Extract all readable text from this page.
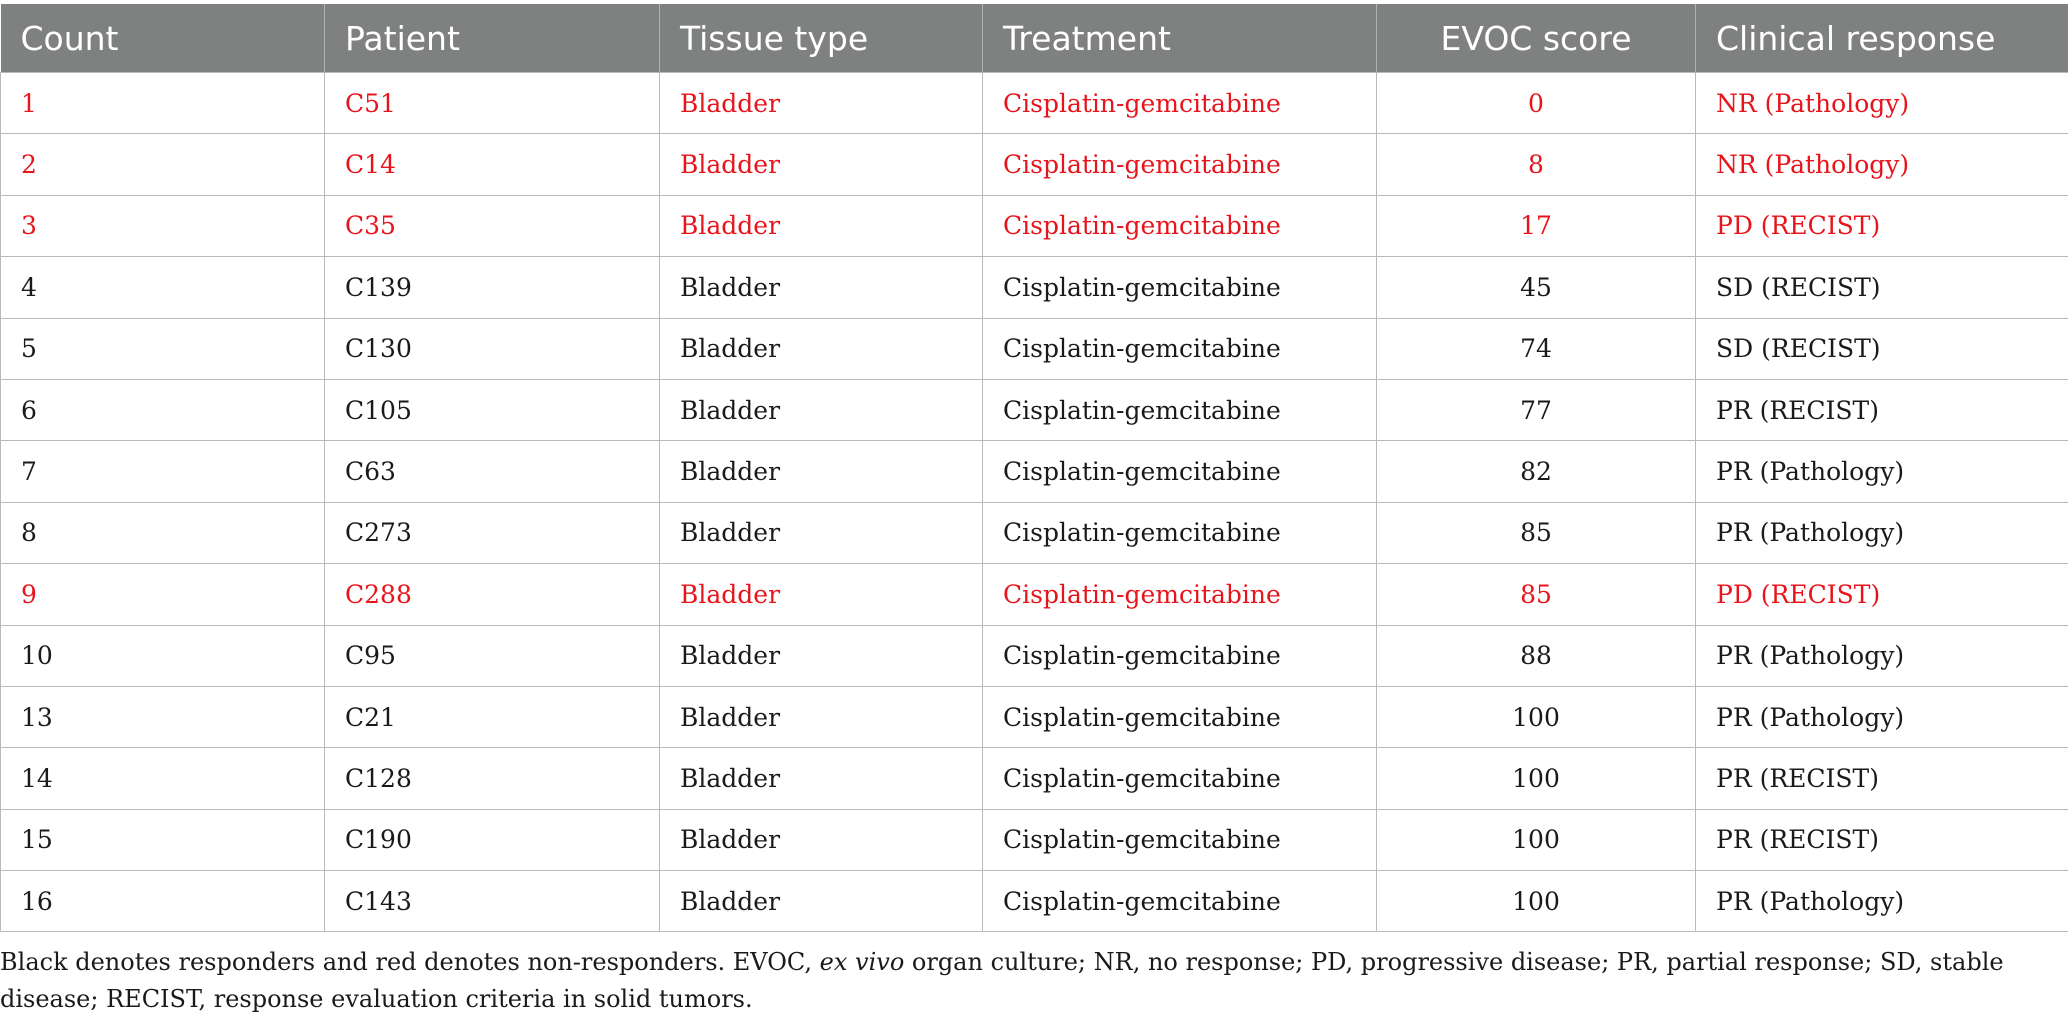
Count	Patient	Tissue type	Treatment	EVOC score	Clinical response
1	C51	Bladder	Cisplatin-gemcitabine	0	NR (Pathology)
2	C14	Bladder	Cisplatin-gemcitabine	8	NR (Pathology)
3	C35	Bladder	Cisplatin-gemcitabine	17	PD (RECIST)
4	C139	Bladder	Cisplatin-gemcitabine	45	SD (RECIST)
5	C130	Bladder	Cisplatin-gemcitabine	74	SD (RECIST)
6	C105	Bladder	Cisplatin-gemcitabine	77	PR (RECIST)
7	C63	Bladder	Cisplatin-gemcitabine	82	PR (Pathology)
8	C273	Bladder	Cisplatin-gemcitabine	85	PR (Pathology)
9	C288	Bladder	Cisplatin-gemcitabine	85	PD (RECIST)
10	C95	Bladder	Cisplatin-gemcitabine	88	PR (Pathology)
13	C21	Bladder	Cisplatin-gemcitabine	100	PR (Pathology)
14	C128	Bladder	Cisplatin-gemcitabine	100	PR (RECIST)
15	C190	Bladder	Cisplatin-gemcitabine	100	PR (RECIST)
16	C143	Bladder	Cisplatin-gemcitabine	100	PR (Pathology)
Black denotes responders and red denotes non-responders. EVOC, ex vivo organ culture; NR, no response; PD, progressive disease; PR, partial response; SD, stable disease; RECIST, response evaluation criteria in solid tumors.
